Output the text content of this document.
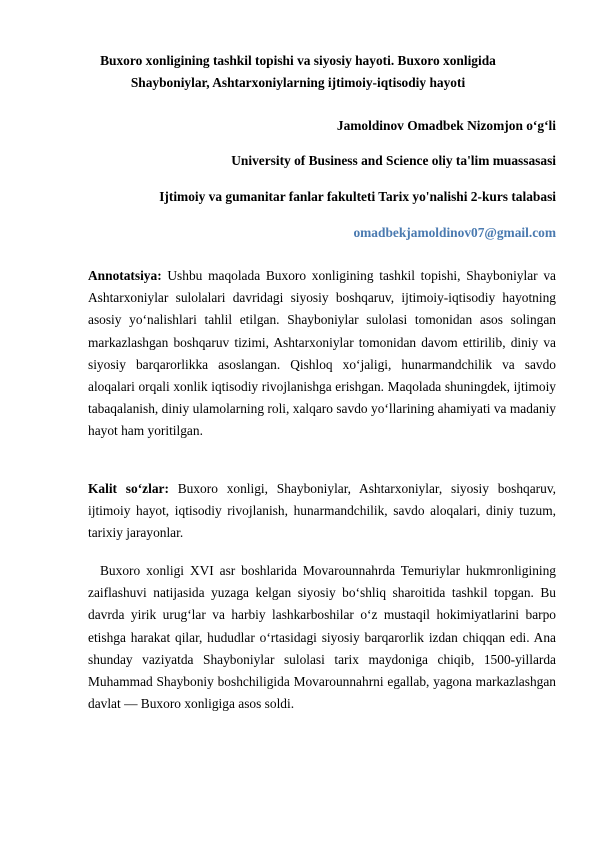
Buxoro xonligining tashkil topishi va siyosiy hayoti. Buxoro xonligida Shayboniylar, Ashtarxoniylarning ijtimoiy-iqtisodiy hayoti
Jamoldinov Omadbek Nizomjon o‘g‘li
University of Business and Science oliy ta'lim muassasasi
Ijtimoiy va gumanitar fanlar fakulteti Tarix yo'nalishi 2-kurs talabasi
omadbekjamoldinov07@gmail.com

Annotatsiya: Ushbu maqolada Buxoro xonligining tashkil topishi, Shayboniylar va Ashtarxoniylar sulolalari davridagi siyosiy boshqaruv, ijtimoiy-iqtisodiy hayotning asosiy yo‘nalishlari tahlil etilgan. Shayboniylar sulolasi tomonidan asos solingan markazlashgan boshqaruv tizimi, Ashtarxoniylar tomonidan davom ettirilib, diniy va siyosiy barqarorlikka asoslangan. Qishloq xo‘jaligi, hunarmandchilik va savdo aloqalari orqali xonlik iqtisodiy rivojlanishga erishgan. Maqolada shuningdek, ijtimoiy tabaqalanish, diniy ulamolarning roli, xalqaro savdo yo‘llarining ahamiyati va madaniy hayot ham yoritilgan.

Kalit so‘zlar: Buxoro xonligi, Shayboniylar, Ashtarxoniylar, siyosiy boshqaruv, ijtimoiy hayot, iqtisodiy rivojlanish, hunarmandchilik, savdo aloqalari, diniy tuzum, tarixiy jarayonlar.

Buxoro xonligi XVI asr boshlarida Movarounnahrda Temuriylar hukmronligining zaiflashuvi natijasida yuzaga kelgan siyosiy bo‘shliq sharoitida tashkil topgan. Bu davrda yirik urug‘lar va harbiy lashkarboshilar o‘z mustaqil hokimiyatlarini barpo etishga harakat qilar, hududlar o‘rtasidagi siyosiy barqarorlik izdan chiqqan edi. Ana shunday vaziyatda Shayboniylar sulolasi tarix maydoniga chiqib, 1500-yillarda Muhammad Shayboniy boshchiligida Movarounnahrni egallab, yagona markazlashgan davlat — Buxoro xonligiga asos soldi.
